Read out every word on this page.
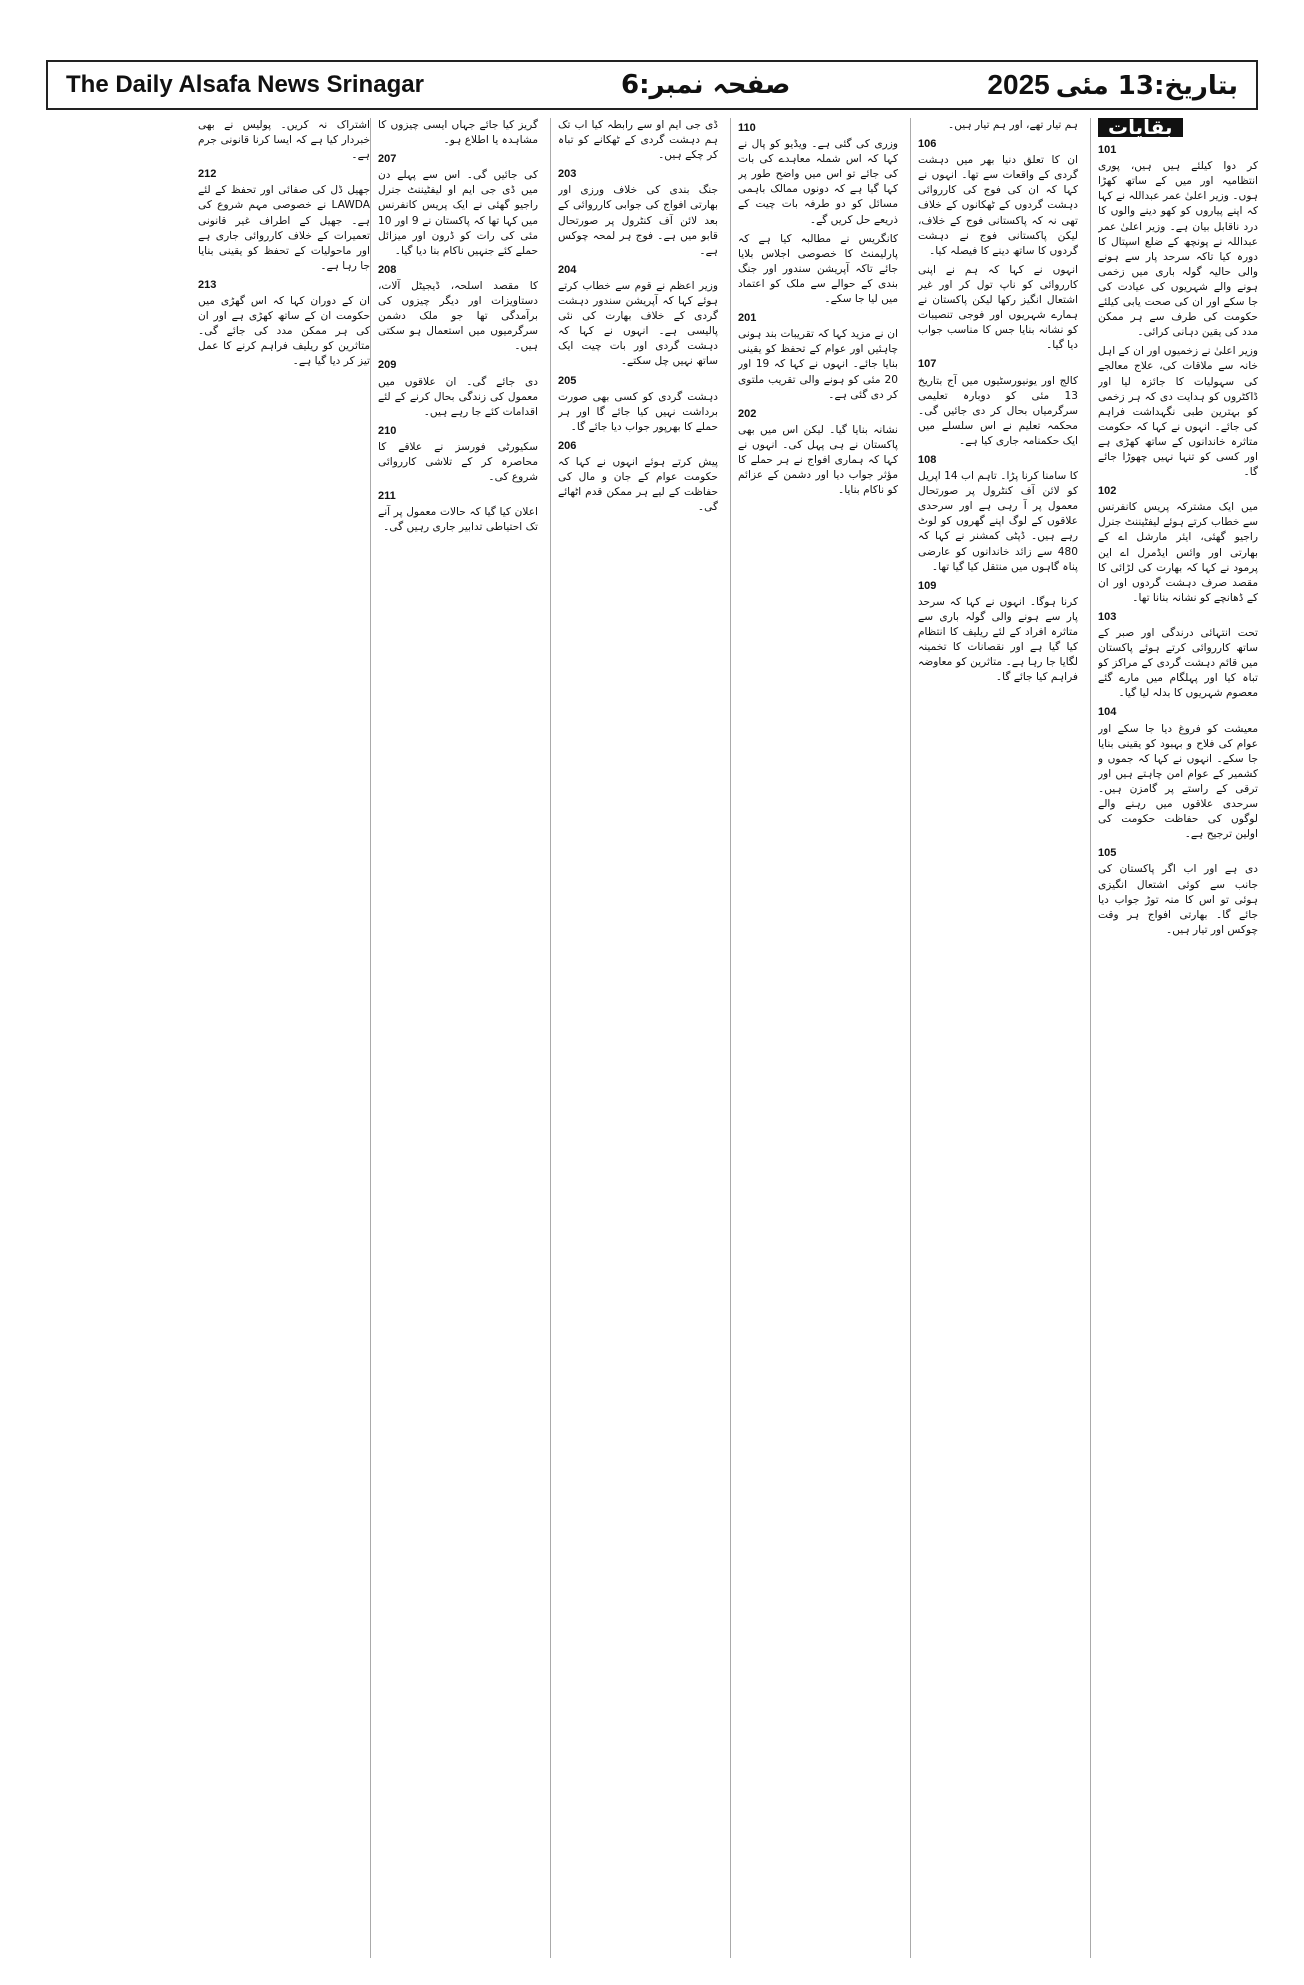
The Daily Alsafa News Srinagar	صفحہ نمبر:6	بتاریخ:13 مئی
2025
بقایات
101

کر دوا کیلئے ہیں ہیں، پوری انتظامیہ اور میں کے ساتھ کھڑا ہوں۔ وزیر اعلیٰ عمر عبداللہ نے کہا کہ اپنے پیاروں کو کھو دینے والوں کا درد ناقابل بیان ہے۔ وزیر اعلیٰ عمر عبداللہ نے پونچھ کے ضلع اسپتال کا دورہ کیا تاکہ سرحد پار سے ہونے والی حالیہ گولہ باری میں زخمی ہونے والے شہریوں کی عیادت کی جا سکے اور ان کی صحت یابی کیلئے حکومت کی طرف سے ہر ممکن مدد کی یقین دہانی کرائی۔

وزیر اعلیٰ نے زخمیوں اور ان کے اہل خانہ سے ملاقات کی، علاج معالجے کی سہولیات کا جائزہ لیا اور ڈاکٹروں کو ہدایت دی کہ ہر زخمی کو بہترین طبی نگہداشت فراہم کی جائے۔ انہوں نے کہا کہ حکومت متاثرہ خاندانوں کے ساتھ کھڑی ہے اور کسی کو تنہا نہیں چھوڑا جائے گا۔

102

میں ایک مشترکہ پریس کانفرنس سے خطاب کرتے ہوئے لیفٹیننٹ جنرل راجیو گھئی، ایئر مارشل اے کے بھارتی اور وائس ایڈمرل اے این پرمود نے کہا کہ بھارت کی لڑائی کا مقصد صرف دہشت گردوں اور ان کے ڈھانچے کو نشانہ بنانا تھا۔

103

تحت انتہائی درندگی اور صبر کے ساتھ کارروائی کرتے ہوئے پاکستان میں قائم دہشت گردی کے مراکز کو تباہ کیا اور پہلگام میں مارے گئے معصوم شہریوں کا بدلہ لیا گیا۔

104

معیشت کو فروغ دیا جا سکے اور عوام کی فلاح و بہبود کو یقینی بنایا جا سکے۔ انہوں نے کہا کہ جموں و کشمیر کے عوام امن چاہتے ہیں اور ترقی کے راستے پر گامزن ہیں۔ سرحدی علاقوں میں رہنے والے لوگوں کی حفاظت حکومت کی اولین ترجیح ہے۔

105

دی ہے اور اب اگر پاکستان کی جانب سے کوئی اشتعال انگیزی ہوئی تو اس کا منہ توڑ جواب دیا جائے گا۔ بھارتی افواج ہر وقت چوکس اور تیار ہیں۔

ہم تیار تھے، اور ہم تیار ہیں۔

106

ان کا تعلق دنیا بھر میں دہشت گردی کے واقعات سے تھا۔ انہوں نے کہا کہ ان کی فوج کی کارروائی دہشت گردوں کے ٹھکانوں کے خلاف تھی نہ کہ پاکستانی فوج کے خلاف، لیکن پاکستانی فوج نے دہشت گردوں کا ساتھ دینے کا فیصلہ کیا۔

انہوں نے کہا کہ ہم نے اپنی کارروائی کو ناپ تول کر اور غیر اشتعال انگیز رکھا لیکن پاکستان نے ہمارے شہریوں اور فوجی تنصیبات کو نشانہ بنایا جس کا مناسب جواب دیا گیا۔

107

کالج اور یونیورسٹیوں میں آج بتاریخ 13 مئی کو دوبارہ تعلیمی سرگرمیاں بحال کر دی جائیں گی۔ محکمہ تعلیم نے اس سلسلے میں ایک حکمنامہ جاری کیا ہے۔

108

کا سامنا کرنا پڑا۔ تاہم اب 14 اپریل کو لائن آف کنٹرول پر صورتحال معمول پر آ رہی ہے اور سرحدی علاقوں کے لوگ اپنے گھروں کو لوٹ رہے ہیں۔ ڈپٹی کمشنر نے کہا کہ 480 سے زائد خاندانوں کو عارضی پناہ گاہوں میں منتقل کیا گیا تھا۔

109

کرنا ہوگا۔ انہوں نے کہا کہ سرحد پار سے ہونے والی گولہ باری سے متاثرہ افراد کے لئے ریلیف کا انتظام کیا گیا ہے اور نقصانات کا تخمینہ لگایا جا رہا ہے۔ متاثرین کو معاوضہ فراہم کیا جائے گا۔

110

وزری کی گئی ہے۔ ویڈیو کو پال نے کہا کہ اس شملہ معاہدے کی بات کی جائے تو اس میں واضح طور پر کہا گیا ہے کہ دونوں ممالک باہمی مسائل کو دو طرفہ بات چیت کے ذریعے حل کریں گے۔

کانگریس نے مطالبہ کیا ہے کہ پارلیمنٹ کا خصوصی اجلاس بلایا جائے تاکہ آپریشن سندور اور جنگ بندی کے حوالے سے ملک کو اعتماد میں لیا جا سکے۔

201

ان نے مزید کہا کہ تقریبات بند ہونی چاہئیں اور عوام کے تحفظ کو یقینی بنایا جائے۔ انہوں نے کہا کہ 19 اور 20 مئی کو ہونے والی تقریب ملتوی کر دی گئی ہے۔

202

نشانہ بنایا گیا۔ لیکن اس میں بھی پاکستان نے ہی پہل کی۔ انہوں نے کہا کہ ہماری افواج نے ہر حملے کا مؤثر جواب دیا اور دشمن کے عزائم کو ناکام بنایا۔

ڈی جی ایم او سے رابطہ کیا اب تک ہم دہشت گردی کے ٹھکانے کو تباہ کر چکے ہیں۔

203

جنگ بندی کی خلاف ورزی اور بھارتی افواج کی جوابی کارروائی کے بعد لائن آف کنٹرول پر صورتحال قابو میں ہے۔ فوج ہر لمحہ چوکس ہے۔

204

وزیر اعظم نے قوم سے خطاب کرتے ہوئے کہا کہ آپریشن سندور دہشت گردی کے خلاف بھارت کی نئی پالیسی ہے۔ انہوں نے کہا کہ دہشت گردی اور بات چیت ایک ساتھ نہیں چل سکتے۔

205

دہشت گردی کو کسی بھی صورت برداشت نہیں کیا جائے گا اور ہر حملے کا بھرپور جواب دیا جائے گا۔

206

پیش کرتے ہوئے انہوں نے کہا کہ حکومت عوام کے جان و مال کی حفاظت کے لیے ہر ممکن قدم اٹھائے گی۔

گریز کیا جائے جہاں ایسی چیزوں کا مشاہدہ یا اطلاع ہو۔

207

کی جائیں گی۔ اس سے پہلے دن میں ڈی جی ایم او لیفٹیننٹ جنرل راجیو گھئی نے ایک پریس کانفرنس میں کہا تھا کہ پاکستان نے 9 اور 10 مئی کی رات کو ڈرون اور میزائل حملے کئے جنہیں ناکام بنا دیا گیا۔

208

کا مقصد اسلحہ، ڈیجیٹل آلات، دستاویزات اور دیگر چیزوں کی برآمدگی تھا جو ملک دشمن سرگرمیوں میں استعمال ہو سکتی ہیں۔

209

دی جائے گی۔ ان علاقوں میں معمول کی زندگی بحال کرنے کے لئے اقدامات کئے جا رہے ہیں۔

210

سکیورٹی فورسز نے علاقے کا محاصرہ کر کے تلاشی کارروائی شروع کی۔

211

اعلان کیا گیا کہ حالات معمول پر آنے تک احتیاطی تدابیر جاری رہیں گی۔

اشتراک نہ کریں۔ پولیس نے بھی خبردار کیا ہے کہ ایسا کرنا قانونی جرم ہے۔

212

جھیل ڈل کی صفائی اور تحفظ کے لئے LAWDA نے خصوصی مہم شروع کی ہے۔ جھیل کے اطراف غیر قانونی تعمیرات کے خلاف کارروائی جاری ہے اور ماحولیات کے تحفظ کو یقینی بنایا جا رہا ہے۔

213

ان کے دوران کہا کہ اس گھڑی میں حکومت ان کے ساتھ کھڑی ہے اور ان کی ہر ممکن مدد کی جائے گی۔ متاثرین کو ریلیف فراہم کرنے کا عمل تیز کر دیا گیا ہے۔
